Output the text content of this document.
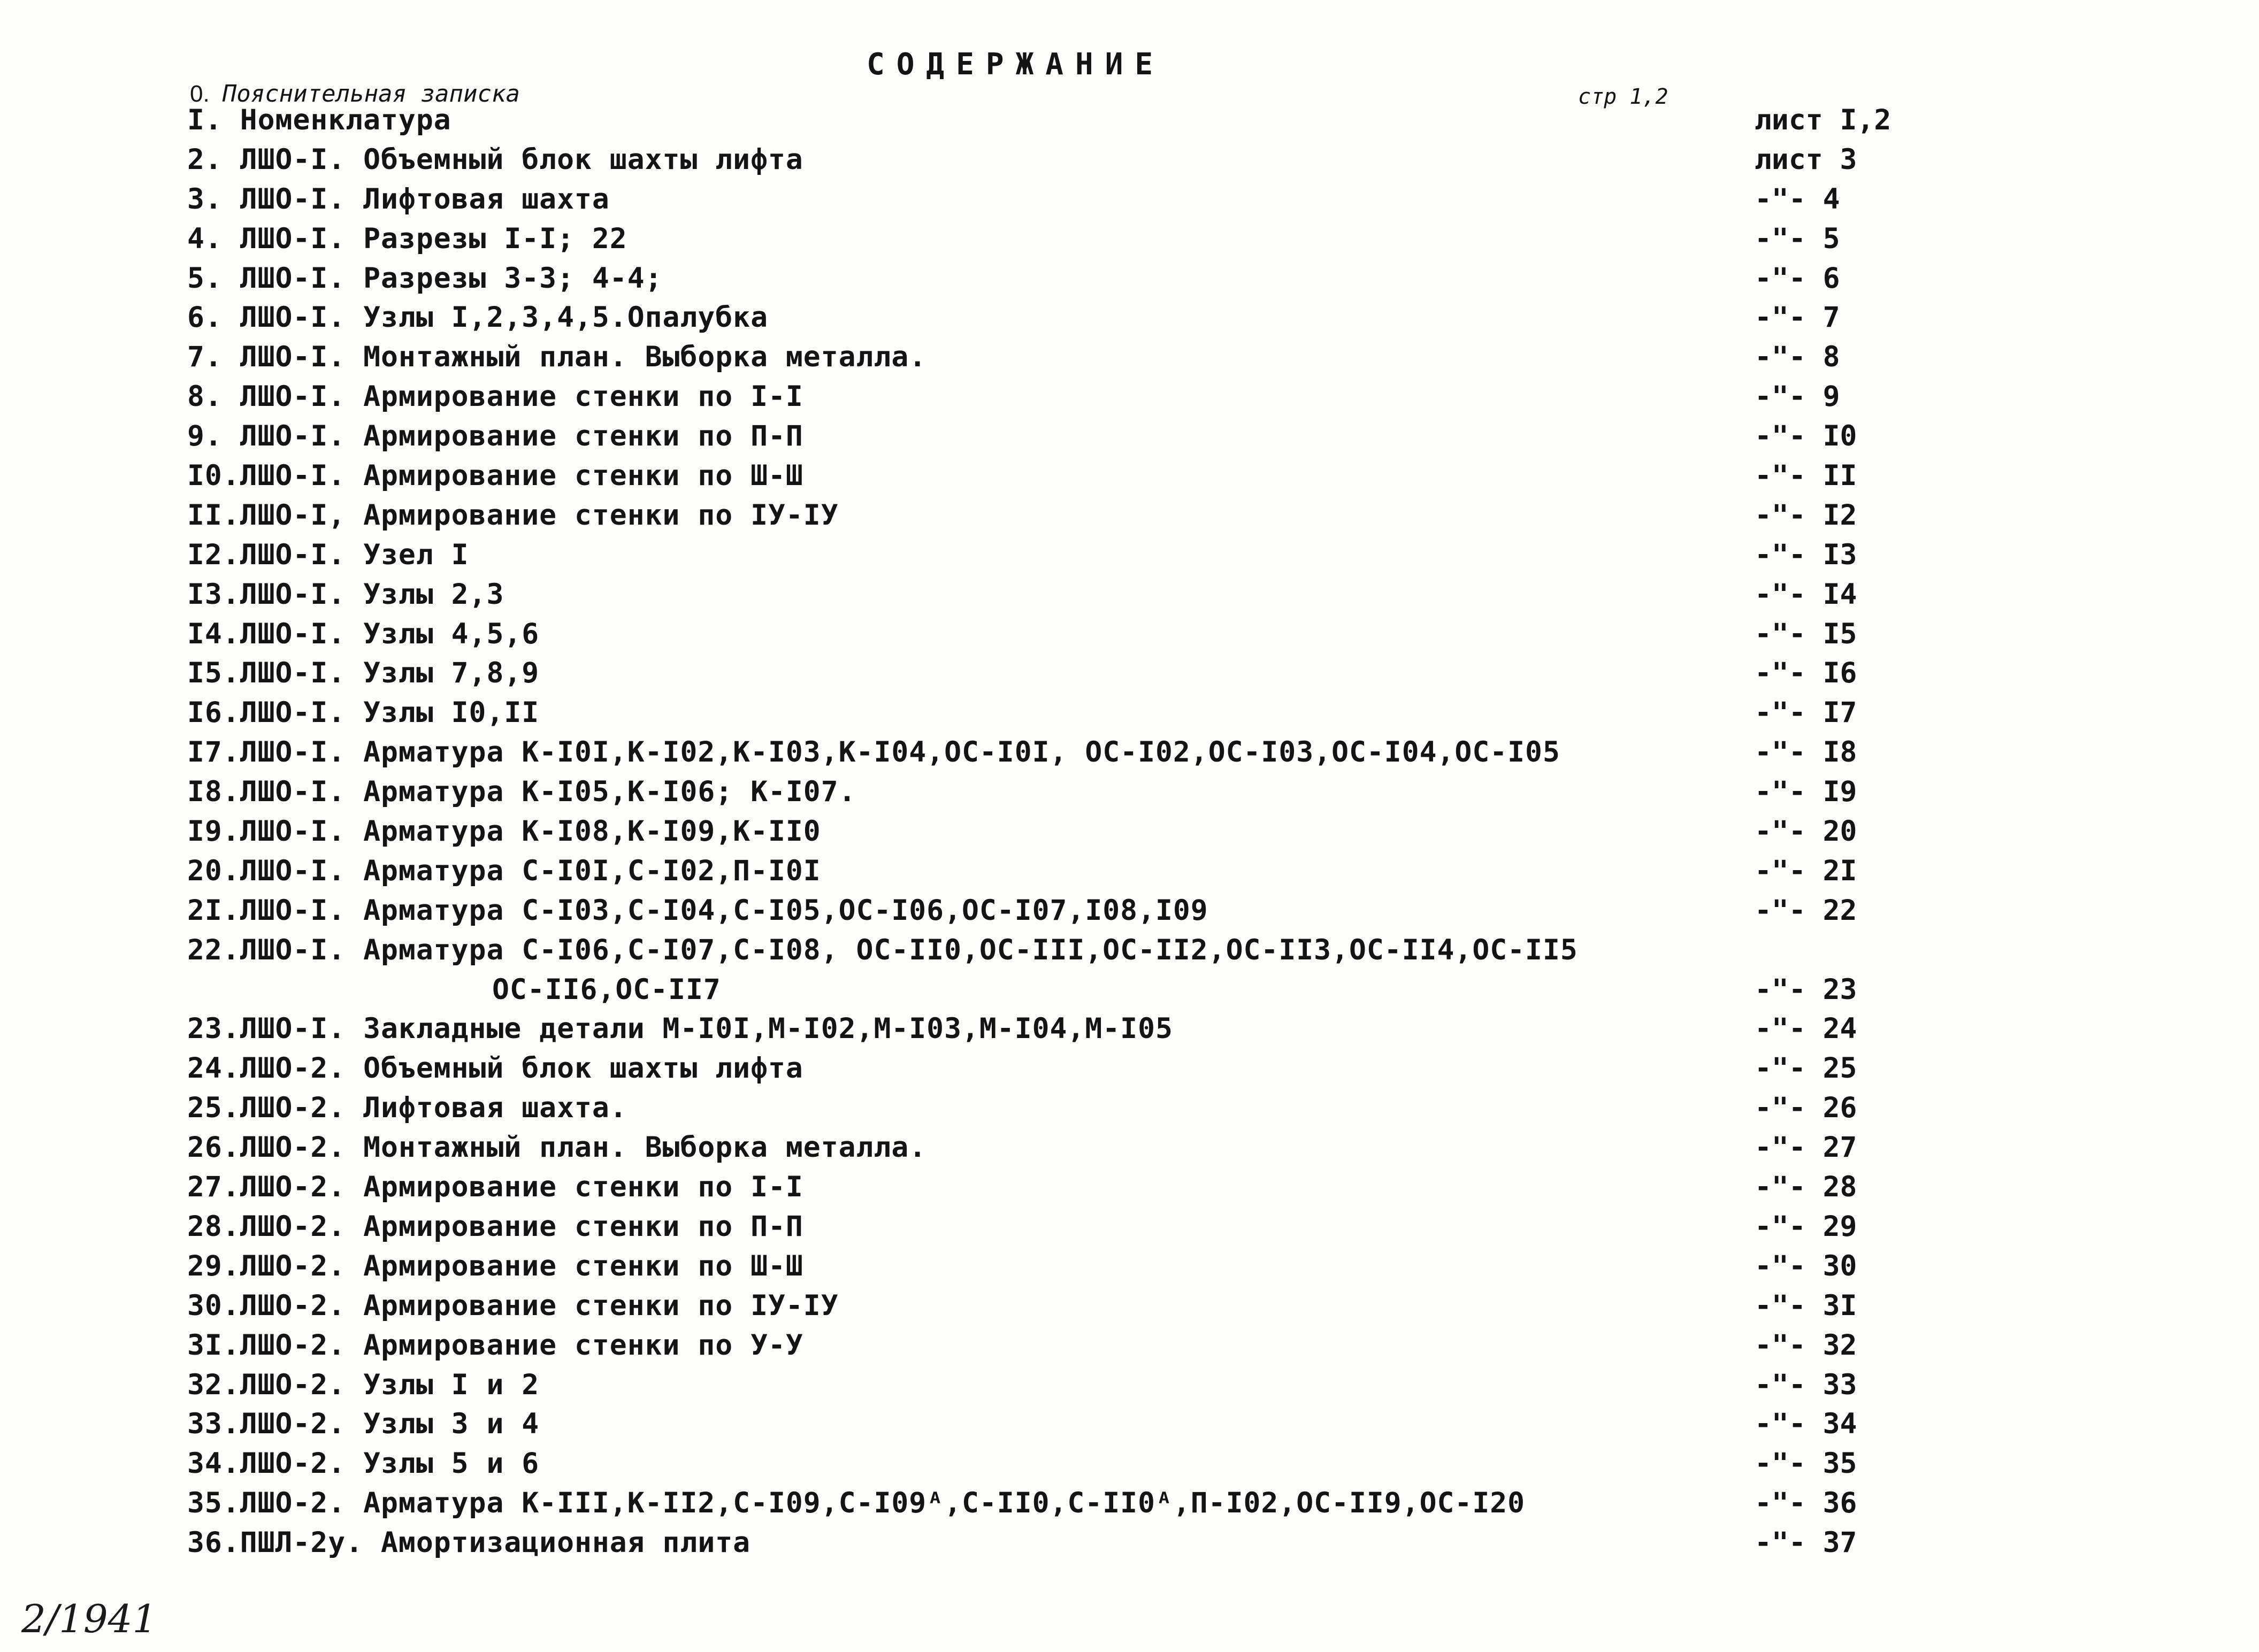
СОДЕРЖАНИЕ
0. Пояснительная записка	стр 1,2
I. Номенклатура	лист I,2
2. ЛШО-I. Объемный блок шахты лифта	лист 3
3. ЛШО-I. Лифтовая шахта	-"- 4
4. ЛШО-I. Разрезы I-I; 22	-"- 5
5. ЛШО-I. Разрезы 3-3; 4-4;	-"- 6
6. ЛШО-I. Узлы I,2,3,4,5.Опалубка	-"- 7
7. ЛШО-I. Монтажный план. Выборка металла.	-"- 8
8. ЛШО-I. Армирование стенки по I-I	-"- 9
9. ЛШО-I. Армирование стенки по П-П	-"- I0
I0.ЛШО-I. Армирование стенки по Ш-Ш	-"- II
II.ЛШО-I, Армирование стенки по IУ-IУ	-"- I2
I2.ЛШО-I. Узел I	-"- I3
I3.ЛШО-I. Узлы 2,3	-"- I4
I4.ЛШО-I. Узлы 4,5,6	-"- I5
I5.ЛШО-I. Узлы 7,8,9	-"- I6
I6.ЛШО-I. Узлы I0,II	-"- I7
I7.ЛШО-I. Арматура К-I0I,К-I02,К-I03,К-I04,ОС-I0I, ОС-I02,ОС-I03,ОС-I04,ОС-I05	-"- I8
I8.ЛШО-I. Арматура К-I05,К-I06; К-I07.	-"- I9
I9.ЛШО-I. Арматура К-I08,К-I09,К-II0	-"- 20
20.ЛШО-I. Арматура С-I0I,С-I02,П-I0I	-"- 2I
2I.ЛШО-I. Арматура С-I03,С-I04,С-I05,ОС-I06,ОС-I07,I08,I09	-"- 22
22.ЛШО-I. Арматура С-I06,С-I07,С-I08, ОС-II0,ОС-III,ОС-II2,ОС-II3,ОС-II4,ОС-II5
ОС-II6,ОС-II7	-"- 23
23.ЛШО-I. Закладные детали М-I0I,М-I02,М-I03,М-I04,М-I05	-"- 24
24.ЛШО-2. Объемный блок шахты лифта	-"- 25
25.ЛШО-2. Лифтовая шахта.	-"- 26
26.ЛШО-2. Монтажный план. Выборка металла.	-"- 27
27.ЛШО-2. Армирование стенки по I-I	-"- 28
28.ЛШО-2. Армирование стенки по П-П	-"- 29
29.ЛШО-2. Армирование стенки по Ш-Ш	-"- 30
30.ЛШО-2. Армирование стенки по IУ-IУ	-"- 3I
3I.ЛШО-2. Армирование стенки по У-У	-"- 32
32.ЛШО-2. Узлы I и 2	-"- 33
33.ЛШО-2. Узлы 3 и 4	-"- 34
34.ЛШО-2. Узлы 5 и 6	-"- 35
35.ЛШО-2. Арматура К-III,К-II2,С-I09,С-I09ᴬ,С-II0,С-II0ᴬ,П-I02,ОС-II9,ОС-I20	-"- 36
36.ПШЛ-2у. Амортизационная плита	-"- 37
2/1941
